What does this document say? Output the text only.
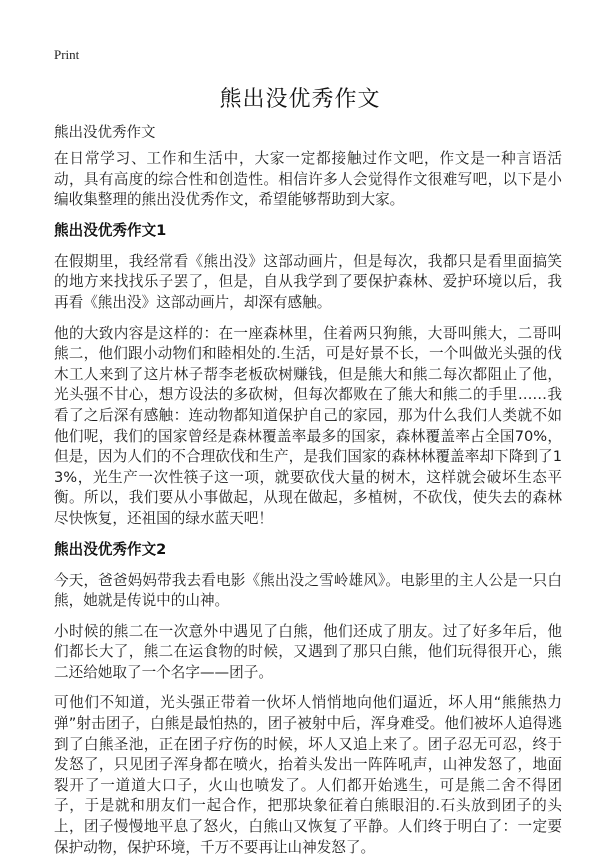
Print
熊出没优秀作文
熊出没优秀作文

在日常学习、工作和生活中，大家一定都接触过作文吧，作文是一种言语活动，具有高度的综合性和创造性。相信许多人会觉得作文很难写吧，以下是小编收集整理的熊出没优秀作文，希望能够帮助到大家。

熊出没优秀作文1

在假期里，我经常看《熊出没》这部动画片，但是每次，我都只是看里面搞笑的地方来找找乐子罢了，但是，自从我学到了要保护森林、爱护环境以后，我再看《熊出没》这部动画片，却深有感触。

他的大致内容是这样的：在一座森林里，住着两只狗熊，大哥叫熊大，二哥叫熊二，他们跟小动物们和睦相处的.生活，可是好景不长，一个叫做光头强的伐木工人来到了这片林子帮李老板砍树赚钱，但是熊大和熊二每次都阻止了他，光头强不甘心，想方设法的多砍树，但每次都败在了熊大和熊二的手里……我看了之后深有感触：连动物都知道保护自己的家园，那为什么我们人类就不如他们呢，我们的国家曾经是森林覆盖率最多的国家，森林覆盖率占全国70%，但是，因为人们的不合理砍伐和生产，是我们国家的森林林覆盖率却下降到了13%，光生产一次性筷子这一项，就要砍伐大量的树木，这样就会破坏生态平衡。所以，我们要从小事做起，从现在做起，多植树，不砍伐，使失去的森林尽快恢复，还祖国的绿水蓝天吧！

熊出没优秀作文2

今天，爸爸妈妈带我去看电影《熊出没之雪岭雄风》。电影里的主人公是一只白熊，她就是传说中的山神。

小时候的熊二在一次意外中遇见了白熊，他们还成了朋友。过了好多年后，他们都长大了，熊二在运食物的时候，又遇到了那只白熊，他们玩得很开心，熊二还给她取了一个名字——团子。

可他们不知道，光头强正带着一伙坏人悄悄地向他们逼近，坏人用“熊熊热力弹”射击团子，白熊是最怕热的，团子被射中后，浑身难受。他们被坏人追得逃到了白熊圣池，正在团子疗伤的时候，坏人又追上来了。团子忍无可忍，终于发怒了，只见团子浑身都在喷火，抬着头发出一阵阵吼声，山神发怒了，地面裂开了一道道大口子，火山也喷发了。人们都开始逃生，可是熊二舍不得团子，于是就和朋友们一起合作，把那块象征着白熊眼泪的.石头放到团子的头上，团子慢慢地平息了怒火，白熊山又恢复了平静。人们终于明白了：一定要保护动物，保护环境，千万不要再让山神发怒了。
